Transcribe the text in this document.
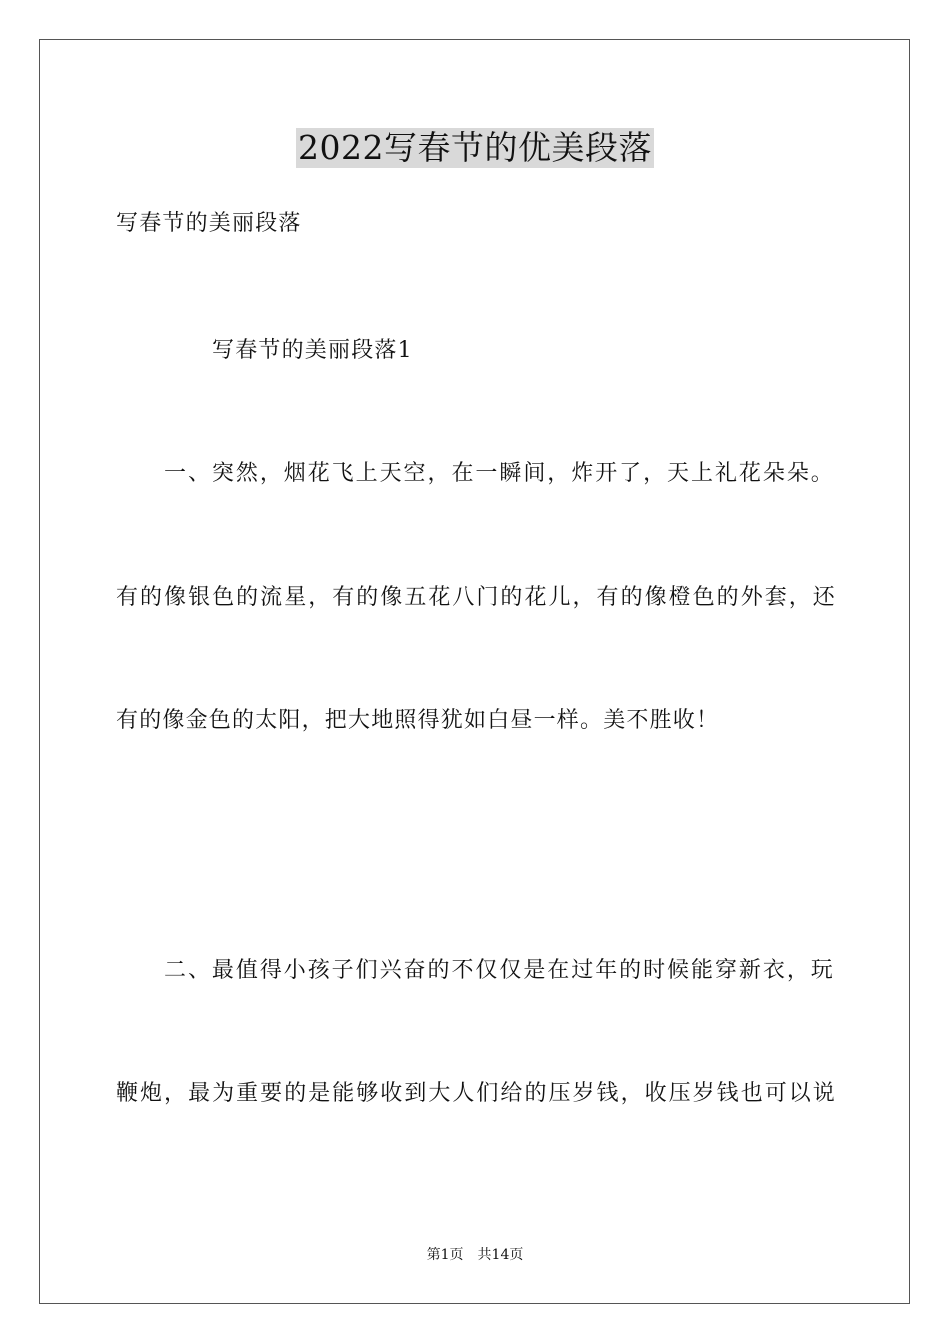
2022写春节的优美段落
写春节的美丽段落
写春节的美丽段落1
一、突然，烟花飞上天空，在一瞬间，炸开了，天上礼花朵朵。
有的像银色的流星，有的像五花八门的花儿，有的像橙色的外套，还
有的像金色的太阳，把大地照得犹如白昼一样。美不胜收！
二、最值得小孩子们兴奋的不仅仅是在过年的时候能穿新衣，玩
鞭炮，最为重要的是能够收到大人们给的压岁钱，收压岁钱也可以说
第1页　共14页
